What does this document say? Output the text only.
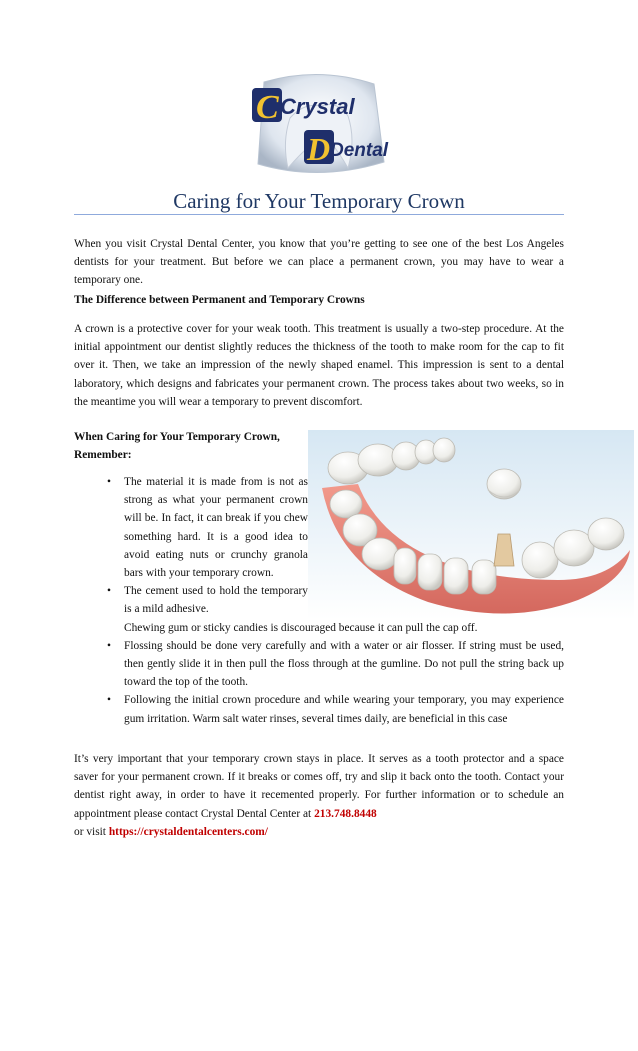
C Crystal
D Dental
Caring for Your Temporary Crown

When you visit Crystal Dental Center, you know that you’re getting to see one of the best Los Angeles dentists for your treatment. But before we can place a permanent crown, you may have to wear a temporary one.

The Difference between Permanent and Temporary Crowns

A crown is a protective cover for your weak tooth. This treatment is usually a two-step procedure. At the initial appointment our dentist slightly reduces the thickness of the tooth to make room for the cap to fit over it. Then, we take an impression of the newly shaped enamel. This impression is sent to a dental laboratory, which designs and fabricates your permanent crown. The process takes about two weeks, so in the meantime you will wear a temporary to prevent discomfort.

When Caring for Your Temporary Crown,

Remember:

• The material it is made from is not as strong as what your permanent crown will be. In fact, it can break if you chew something hard. It is a good idea to avoid eating nuts or crunchy granola bars with your temporary crown.
• The cement used to hold the temporary is a mild adhesive.
Chewing gum or sticky candies is discouraged because it can pull the cap off.
• Flossing should be done very carefully and with a water or air flosser. If string must be used, then gently slide it in then pull the floss through at the gumline. Do not pull the string back up toward the top of the tooth.
• Following the initial crown procedure and while wearing your temporary, you may experience gum irritation. Warm salt water rinses, several times daily, are beneficial in this case

It’s very important that your temporary crown stays in place. It serves as a tooth protector and a space saver for your permanent crown. If it breaks or comes off, try and slip it back onto the tooth. Contact your dentist right away, in order to have it recemented properly. For further information or to schedule an appointment please contact Crystal Dental Center at 213.748.8448
or visit https://crystaldentalcenters.com/
